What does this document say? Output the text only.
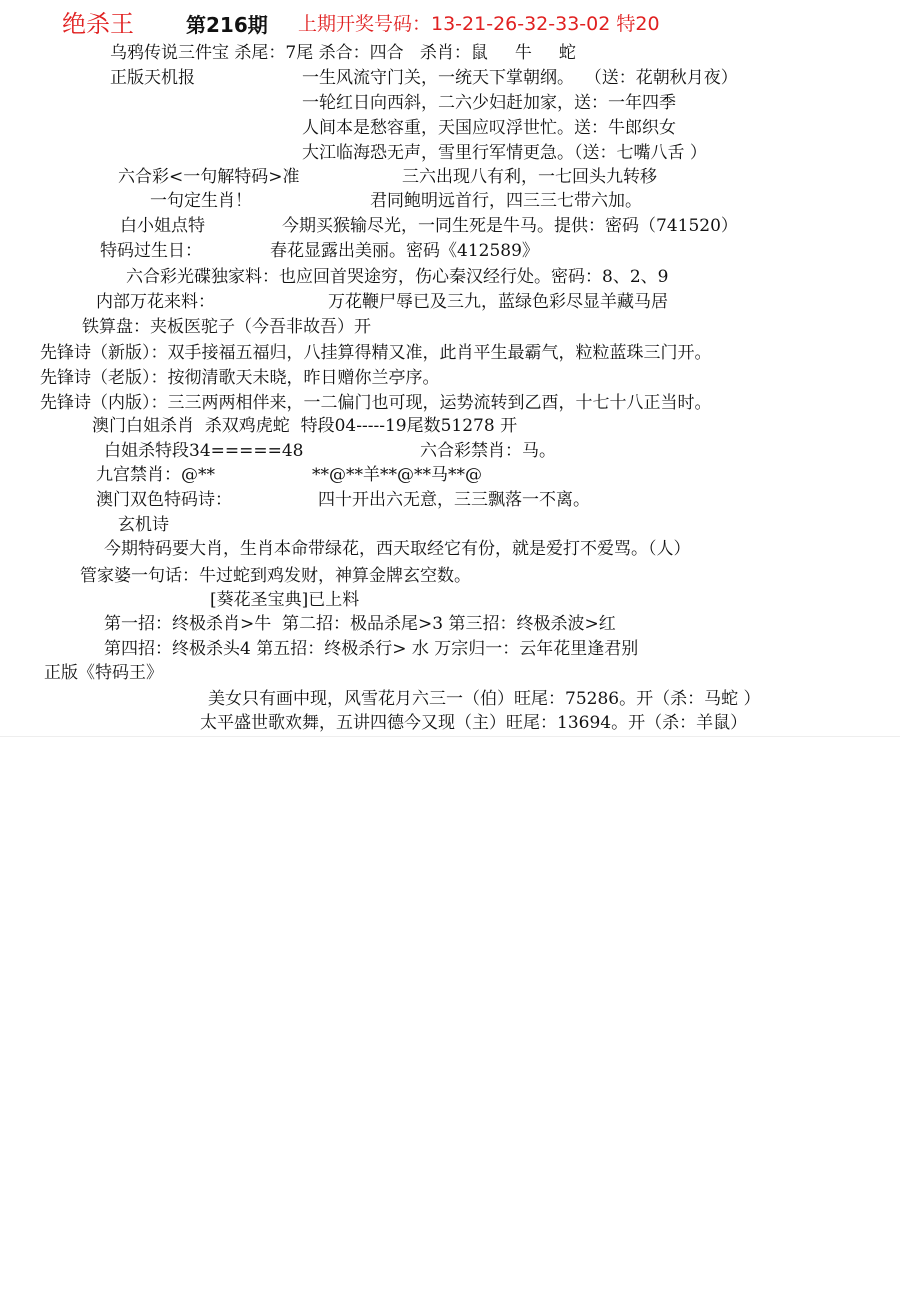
绝杀王	第216期 上期开奖号码：13-21-26-32-33-02 特20
乌鸦传说三件宝 杀尾：7尾 杀合：四合   杀肖：鼠     牛     蛇
正版天机报	一生风流守门关，一统天下掌朝纲。  （送：花朝秋月夜）
一轮红日向西斜，二六少妇赶加家，送：一年四季
人间本是愁容重，天国应叹浮世忙。送：牛郎织女
大江临海恐无声，雪里行军情更急。（送：七嘴八舌 ）
六合彩<一句解特码>准	三六出现八有利，一七回头九转移
一句定生肖！	君同鲍明远首行，四三三七带六加。
白小姐点特	今期买猴输尽光，一同生死是牛马。提供：密码（741520）
特码过生日：	春花显露出美丽。密码《412589》
六合彩光碟独家料：也应回首哭途穷，伤心秦汉经行处。密码：8、2、9
内部万花来料：	万花鞭尸辱已及三九，蓝绿色彩尽显羊藏马居
铁算盘：夹板医驼子（今吾非故吾）开
先锋诗（新版）：双手接福五福归，八挂算得精又准，此肖平生最霸气，粒粒蓝珠三门开。
先锋诗（老版）：按彻清歌天未晓，昨日赠你兰亭序。
先锋诗（内版）：三三两两相伴来，一二偏门也可现，运势流转到乙酉，十七十八正当时。
澳门白姐杀肖  杀双鸡虎蛇  特段04-----19尾数51278 开
白姐杀特段34=====48	六合彩禁肖：马。
九宫禁肖：@**	**@**羊**@**马**@
澳门双色特码诗：	四十开出六无意，三三飘落一不离。
玄机诗
今期特码要大肖，生肖本命带绿花，西天取经它有份，就是爱打不爱骂。（人）
管家婆一句话：牛过蛇到鸡发财，神算金牌玄空数。
[葵花圣宝典]已上料
第一招：终极杀肖>牛  第二招：极品杀尾>3 第三招：终极杀波>红
第四招：终极杀头4 第五招：终极杀行> 水 万宗归一：云年花里逢君别
正版《特码王》
美女只有画中现，风雪花月六三一（伯）旺尾：75286。开（杀：马蛇 ）
太平盛世歌欢舞，五讲四德今又现（主）旺尾：13694。开（杀：羊鼠）
